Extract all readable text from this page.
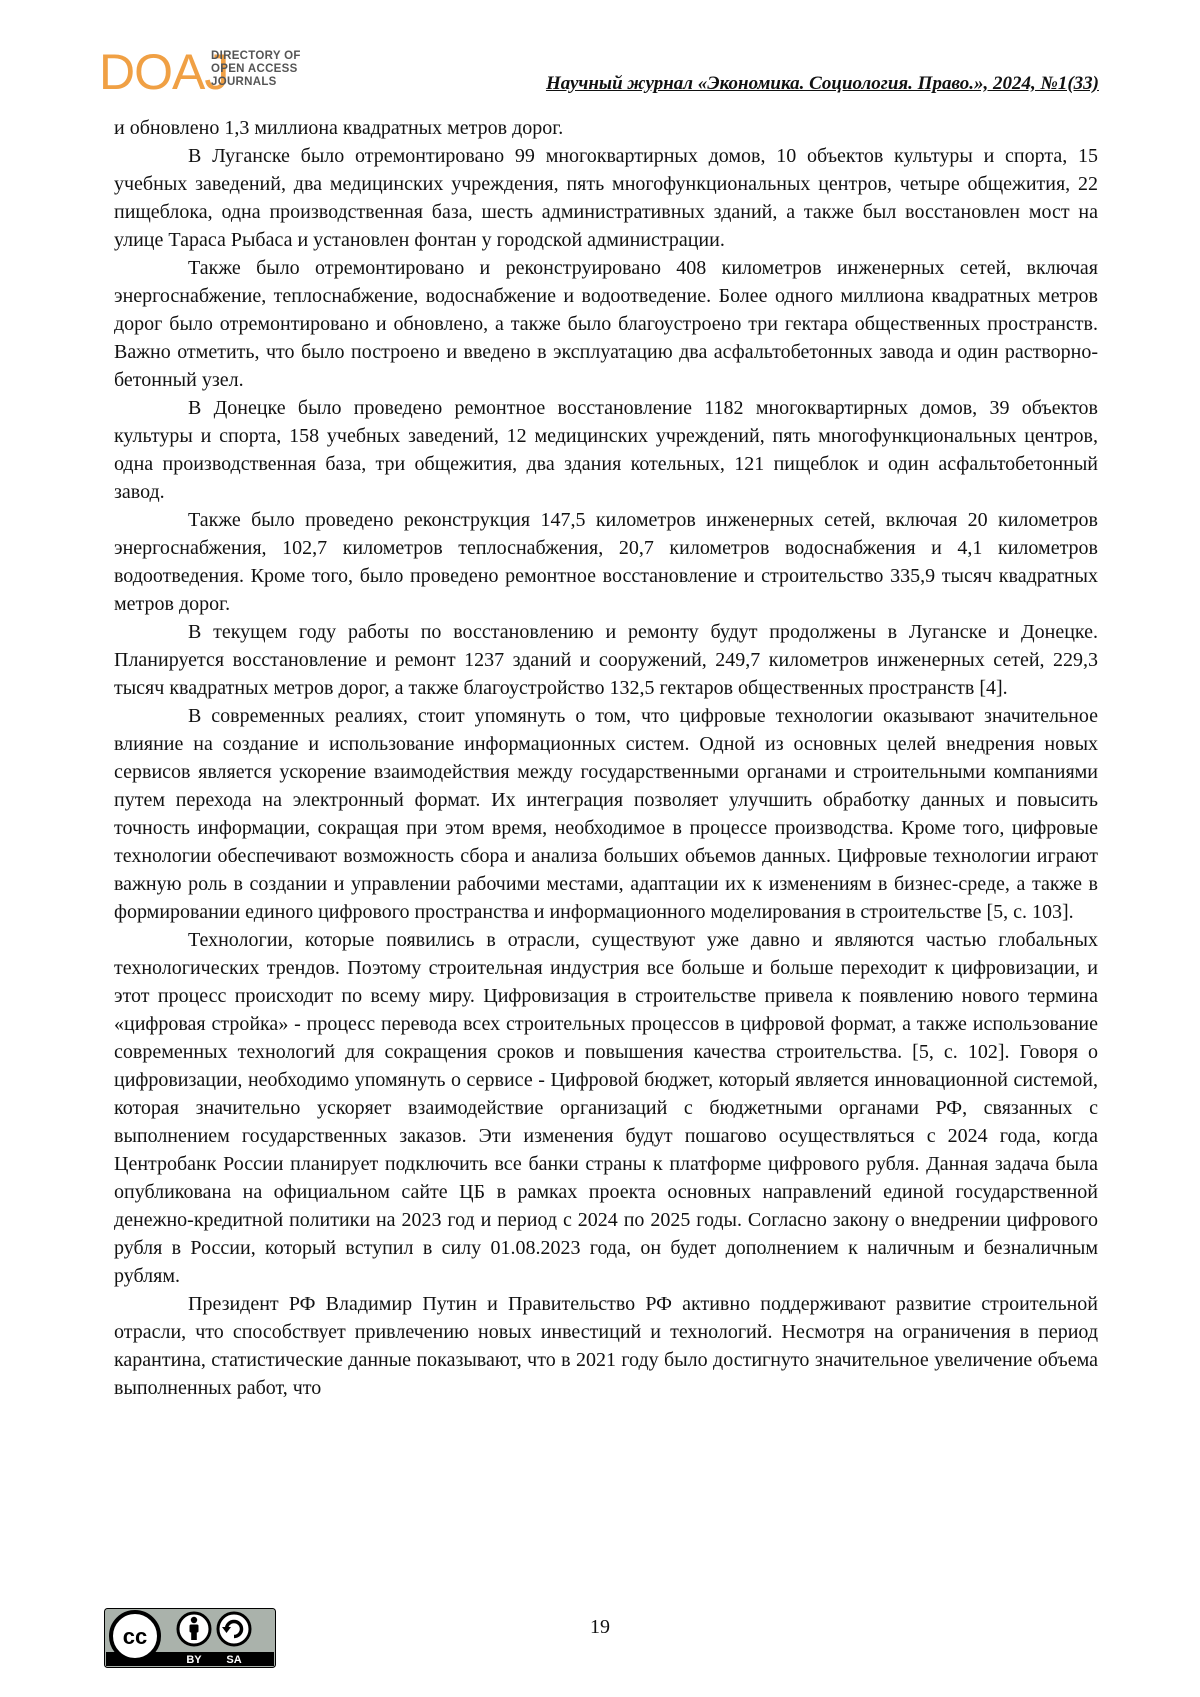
DOAJ
DIRECTORY OF
OPEN ACCESS
JOURNALS	Научный журнал «Экономика. Социология. Право.», 2024, №1(33)

и обновлено 1,3 миллиона квадратных метров дорог.

В Луганске было отремонтировано 99 многоквартирных домов, 10 объектов культуры и спорта, 15 учебных заведений, два медицинских учреждения, пять многофункциональных центров, четыре общежития, 22 пищеблока, одна производственная база, шесть административных зданий, а также был восстановлен мост на улице Тараса Рыбаса и установлен фонтан у городской администрации.

Также было отремонтировано и реконструировано 408 километров инженерных сетей, включая энергоснабжение, теплоснабжение, водоснабжение и водоотведение. Более одного миллиона квадратных метров дорог было отремонтировано и обновлено, а также было благоустроено три гектара общественных пространств. Важно отметить, что было построено и введено в эксплуатацию два асфальтобетонных завода и один растворно-бетонный узел.

В Донецке было проведено ремонтное восстановление 1182 многоквартирных домов, 39 объектов культуры и спорта, 158 учебных заведений, 12 медицинских учреждений, пять многофункциональных центров, одна производственная база, три общежития, два здания котельных, 121 пищеблок и один асфальтобетонный завод.

Также было проведено реконструкция 147,5 километров инженерных сетей, включая 20 километров энергоснабжения, 102,7 километров теплоснабжения, 20,7 километров водоснабжения и 4,1 километров водоотведения. Кроме того, было проведено ремонтное восстановление и строительство 335,9 тысяч квадратных метров дорог.

В текущем году работы по восстановлению и ремонту будут продолжены в Луганске и Донецке. Планируется восстановление и ремонт 1237 зданий и сооружений, 249,7 километров инженерных сетей, 229,3 тысяч квадратных метров дорог, а также благоустройство 132,5 гектаров общественных пространств [4].

В современных реалиях, стоит упомянуть о том, что цифровые технологии оказывают значительное влияние на создание и использование информационных систем. Одной из основных целей внедрения новых сервисов является ускорение взаимодействия между государственными органами и строительными компаниями путем перехода на электронный формат. Их интеграция позволяет улучшить обработку данных и повысить точность информации, сокращая при этом время, необходимое в процессе производства. Кроме того, цифровые технологии обеспечивают возможность сбора и анализа больших объемов данных. Цифровые технологии играют важную роль в создании и управлении рабочими местами, адаптации их к изменениям в бизнес-среде, а также в формировании единого цифрового пространства и информационного моделирования в строительстве [5, с. 103].

Технологии, которые появились в отрасли, существуют уже давно и являются частью глобальных технологических трендов. Поэтому строительная индустрия все больше и больше переходит к цифровизации, и этот процесс происходит по всему миру. Цифровизация в строительстве привела к появлению нового термина «цифровая стройка» - процесс перевода всех строительных процессов в цифровой формат, а также использование современных технологий для сокращения сроков и повышения качества строительства. [5, с. 102]. Говоря о цифровизации, необходимо упомянуть о сервисе - Цифровой бюджет, который является инновационной системой, которая значительно ускоряет взаимодействие организаций с бюджетными органами РФ, связанных с выполнением государственных заказов. Эти изменения будут пошагово осуществляться с 2024 года, когда Центробанк России планирует подключить все банки страны к платформе цифрового рубля. Данная задача была опубликована на официальном сайте ЦБ в рамках проекта основных направлений единой государственной денежно-кредитной политики на 2023 год и период с 2024 по 2025 годы. Согласно закону о внедрении цифрового рубля в России, который вступил в силу 01.08.2023 года, он будет дополнением к наличным и безналичным рублям.

Президент РФ Владимир Путин и Правительство РФ активно поддерживают развитие строительной отрасли, что способствует привлечению новых инвестиций и технологий. Несмотря на ограничения в период карантина, статистические данные показывают, что в 2021 году было достигнуто значительное увеличение объема выполненных работ, что

cc
BY SA
19
